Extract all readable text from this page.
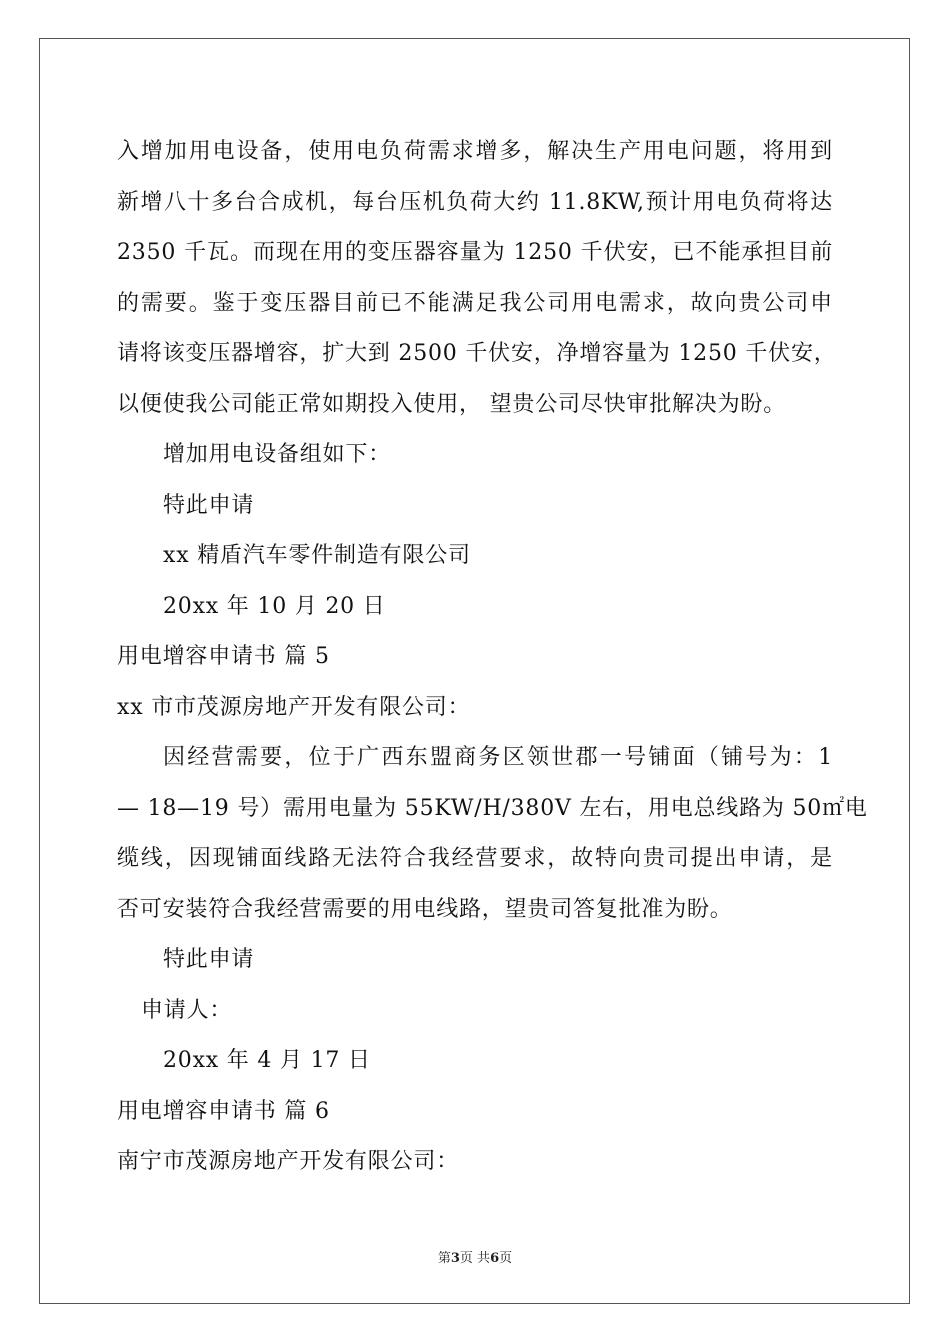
入增加用电设备，使用电负荷需求增多，解决生产用电问题，将用到

新增八十多台合成机，每台压机负荷大约 11.8KW,预计用电负荷将达

2350 千瓦。而现在用的变压器容量为 1250 千伏安，已不能承担目前

的需要。鉴于变压器目前已不能满足我公司用电需求，故向贵公司申

请将该变压器增容，扩大到 2500 千伏安，净增容量为 1250 千伏安，

以便使我公司能正常如期投入使用， 望贵公司尽快审批解决为盼。

增加用电设备组如下：

特此申请

xx 精盾汽车零件制造有限公司

20xx 年 10 月 20 日

用电增容申请书 篇 5

xx 市市茂源房地产开发有限公司：

因经营需要，位于广西东盟商务区领世郡一号铺面（铺号为：1

— 18—19 号）需用电量为 55KW/H/380V 左右，用电总线路为 50㎡电

缆线，因现铺面线路无法符合我经营要求，故特向贵司提出申请，是

否可安装符合我经营需要的用电线路，望贵司答复批准为盼。

特此申请

申请人：

20xx 年 4 月 17 日

用电增容申请书 篇 6

南宁市茂源房地产开发有限公司：

第3页 共6页
